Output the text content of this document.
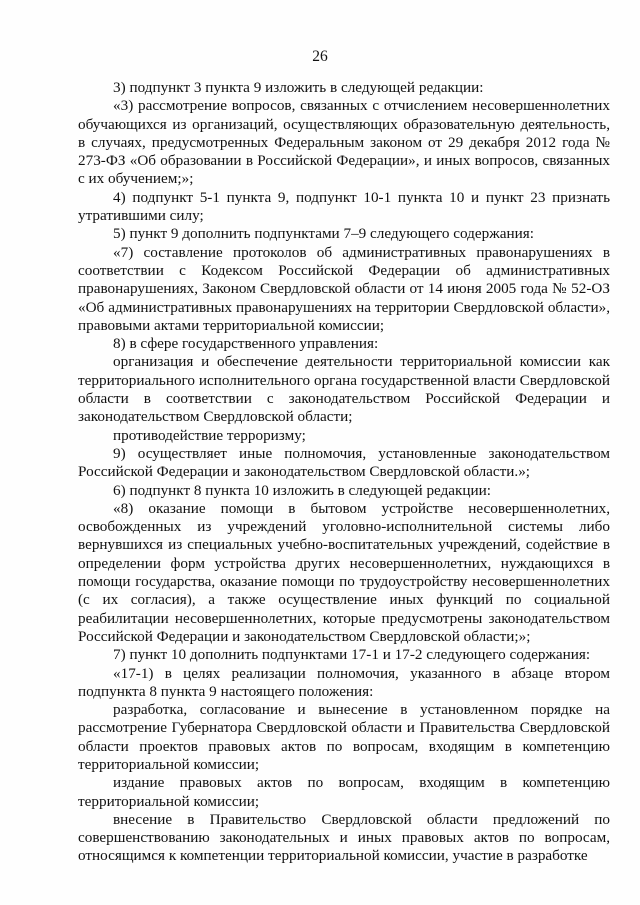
26

3) подпункт 3 пункта 9 изложить в следующей редакции:

«3) рассмотрение вопросов, связанных с отчислением несовершеннолетних обучающихся из организаций, осуществляющих образовательную деятельность, в случаях, предусмотренных Федеральным законом от 29 декабря 2012 года № 273-ФЗ «Об образовании в Российской Федерации», и иных вопросов, связанных с их обучением;»;

4) подпункт 5-1 пункта 9, подпункт 10-1 пункта 10 и пункт 23 признать утратившими силу;

5) пункт 9 дополнить подпунктами 7–9 следующего содержания:

«7) составление протоколов об административных правонарушениях в соответствии с Кодексом Российской Федерации об административных правонарушениях, Законом Свердловской области от 14 июня 2005 года № 52-ОЗ «Об административных правонарушениях на территории Свердловской области», правовыми актами территориальной комиссии;

8) в сфере государственного управления:

организация и обеспечение деятельности территориальной комиссии как территориального исполнительного органа государственной власти Свердловской области в соответствии с законодательством Российской Федерации и законодательством Свердловской области;

противодействие терроризму;

9) осуществляет иные полномочия, установленные законодательством Российской Федерации и законодательством Свердловской области.»;

6) подпункт 8 пункта 10 изложить в следующей редакции:

«8) оказание помощи в бытовом устройстве несовершеннолетних, освобожденных из учреждений уголовно-исполнительной системы либо вернувшихся из специальных учебно-воспитательных учреждений, содействие в определении форм устройства других несовершеннолетних, нуждающихся в помощи государства, оказание помощи по трудоустройству несовершеннолетних (с их согласия), а также осуществление иных функций по социальной реабилитации несовершеннолетних, которые предусмотрены законодательством Российской Федерации и законодательством Свердловской области;»;

7) пункт 10 дополнить подпунктами 17-1 и 17-2 следующего содержания:

«17-1) в целях реализации полномочия, указанного в абзаце втором подпункта 8 пункта 9 настоящего положения:

разработка, согласование и вынесение в установленном порядке на рассмотрение Губернатора Свердловской области и Правительства Свердловской области проектов правовых актов по вопросам, входящим в компетенцию территориальной комиссии;

издание правовых актов по вопросам, входящим в компетенцию территориальной комиссии;

внесение в Правительство Свердловской области предложений по совершенствованию законодательных и иных правовых актов по вопросам, относящимся к компетенции территориальной комиссии, участие в разработке
